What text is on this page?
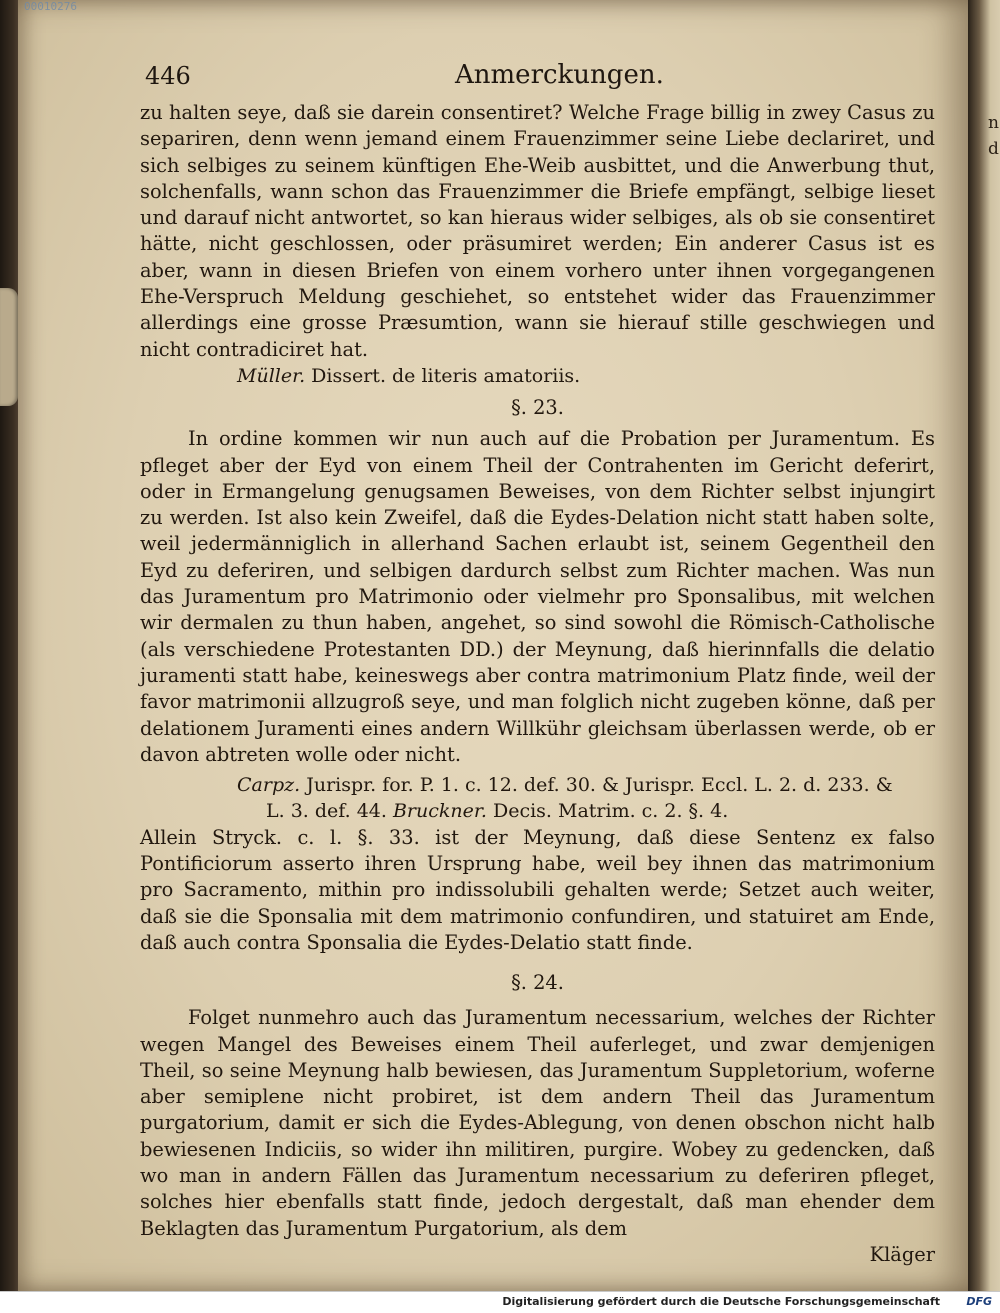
00010276
n
d
446	Anmerckungen.

zu halten seye, daß sie darein consentiret? Welche Frage billig in zwey Casus zu separiren, denn wenn jemand einem Frauenzimmer seine Liebe declariret, und sich selbiges zu seinem künftigen Ehe-Weib ausbittet, und die Anwerbung thut, solchenfalls, wann schon das Frauenzimmer die Briefe empfängt, selbige lieset und darauf nicht antwortet, so kan hieraus wider selbiges, als ob sie consentiret hätte, nicht geschlossen, oder präsumiret werden; Ein anderer Casus ist es aber, wann in diesen Briefen von einem vorhero unter ihnen vorgegangenen Ehe-Verspruch Meldung geschiehet, so entstehet wider das Frauenzimmer allerdings eine grosse Præsumtion, wann sie hierauf stille geschwiegen und nicht contradiciret hat.

Müller. Dissert. de literis amatoriis.

§. 23.

In ordine kommen wir nun auch auf die Probation per Juramentum. Es pfleget aber der Eyd von einem Theil der Contrahenten im Gericht deferirt, oder in Ermangelung genugsamen Beweises, von dem Richter selbst injungirt zu werden. Ist also kein Zweifel, daß die Eydes-Delation nicht statt haben solte, weil jedermänniglich in allerhand Sachen erlaubt ist, seinem Gegentheil den Eyd zu deferiren, und selbigen dardurch selbst zum Richter machen. Was nun das Juramentum pro Matrimonio oder vielmehr pro Sponsalibus, mit welchen wir dermalen zu thun haben, angehet, so sind sowohl die Römisch-Catholische (als verschiedene Protestanten DD.) der Meynung, daß hierinnfalls die delatio juramenti statt habe, keineswegs aber contra matrimonium Platz finde, weil der favor matrimonii allzugroß seye, und man folglich nicht zugeben könne, daß per delationem Juramenti eines andern Willkühr gleichsam überlassen werde, ob er davon abtreten wolle oder nicht.

Carpz. Jurispr. for. P. 1. c. 12. def. 30. & Jurispr. Eccl. L. 2. d. 233. &

L. 3. def. 44. Bruckner. Decis. Matrim. c. 2. §. 4.

Allein Stryck. c. l. §. 33. ist der Meynung, daß diese Sentenz ex falso Pontificiorum asserto ihren Ursprung habe, weil bey ihnen das matrimonium pro Sacramento, mithin pro indissolubili gehalten werde; Setzet auch weiter, daß sie die Sponsalia mit dem matrimonio confundiren, und statuiret am Ende, daß auch contra Sponsalia die Eydes-Delatio statt finde.

§. 24.

Folget nunmehro auch das Juramentum necessarium, welches der Richter wegen Mangel des Beweises einem Theil auferleget, und zwar demjenigen Theil, so seine Meynung halb bewiesen, das Juramentum Suppletorium, woferne aber semiplene nicht probiret, ist dem andern Theil das Juramentum purgatorium, damit er sich die Eydes-Ablegung, von denen obschon nicht halb bewiesenen Indiciis, so wider ihn militiren, purgire. Wobey zu gedencken, daß wo man in andern Fällen das Juramentum necessarium zu deferiren pfleget, solches hier ebenfalls statt finde, jedoch dergestalt, daß man ehender dem Beklagten das Juramentum Purgatorium, als dem

Kläger

Digitalisierung gefördert durch die Deutsche Forschungsgemeinschaft DFG
